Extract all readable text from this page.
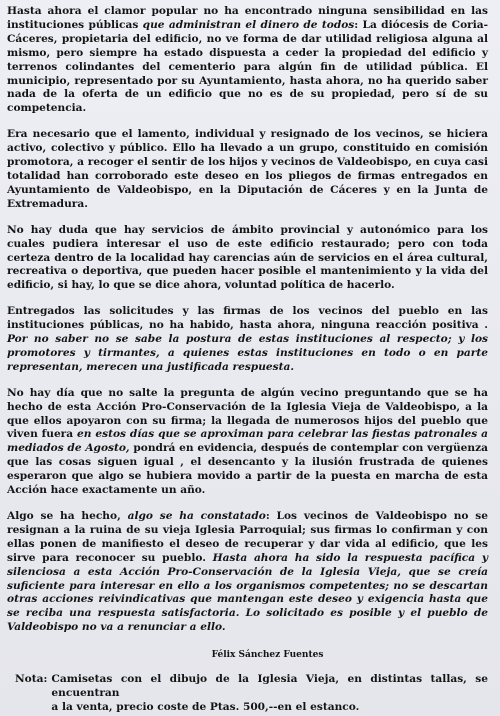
Hasta ahora el clamor popular no ha encontrado ninguna sensibilidad en las instituciones públicas que administran el dinero de todos: La diócesis de Coria-Cáceres, propietaria del edificio, no ve forma de dar utilidad religiosa alguna al mismo, pero siempre ha estado dispuesta a ceder la propiedad del edificio y terrenos colindantes del cementerio para algún fin de utilidad pública. El municipio, representado por su Ayuntamiento, hasta ahora, no ha querido saber nada de la oferta de un edificio que no es de su propiedad, pero sí de su competencia.

Era necesario que el lamento, individual y resignado de los vecinos, se hiciera activo, colectivo y público. Ello ha llevado a un grupo, constituido en comisión promotora, a recoger el sentir de los hijos y vecinos de Valdeobispo, en cuya casi totalidad han corroborado este deseo en los pliegos de firmas entregados en Ayuntamiento de Valdeobispo, en la Diputación de Cáceres y en la Junta de Extremadura.

No hay duda que hay servicios de ámbito provincial y autonómico para los cuales pudiera interesar el uso de este edificio restaurado; pero con toda certeza dentro de la localidad hay carencias aún de servicios en el área cultural, recreativa o deportiva, que pueden hacer posible el mantenimiento y la vida del edificio, si hay, lo que se dice ahora, voluntad política de hacerlo.

Entregados las solicitudes y las firmas de los vecinos del pueblo en las instituciones públicas, no ha habido, hasta ahora, ninguna reacción positiva . Por no saber no se sabe la postura de estas instituciones al respecto; y los promotores y tirmantes, a quienes estas instituciones en todo o en parte representan, merecen una justificada respuesta.

No hay día que no salte la pregunta de algún vecino preguntando que se ha hecho de esta Acción Pro-Conservación de la Iglesia Vieja de Valdeobispo, a la que ellos apoyaron con su firma; la llegada de numerosos hijos del pueblo que viven fuera en estos días que se aproximan para celebrar las fiestas patronales a mediados de Agosto, pondrá en evidencia, después de contemplar con vergüenza que las cosas siguen igual , el desencanto y la ilusión frustrada de quienes esperaron que algo se hubiera movido a partir de la puesta en marcha de esta Acción hace exactamente un año.

Algo se ha hecho, algo se ha constatado: Los vecinos de Valdeobispo no se resignan a la ruina de su vieja Iglesia Parroquial; sus firmas lo confirman y con ellas ponen de manifiesto el deseo de recuperar y dar vida al edificio, que les sirve para reconocer su pueblo. Hasta ahora ha sido la respuesta pacífica y silenciosa a esta Acción Pro-Conservación de la Iglesia Vieja, que se creía suficiente para interesar en ello a los organismos competentes; no se descartan otras acciones reivindicativas que mantengan este deseo y exigencia hasta que se reciba una respuesta satisfactoria. Lo solicitado es posible y el pueblo de Valdeobispo no va a renunciar a ello.

Félix Sánchez Fuentes

Nota: Camisetas con el dibujo de la Iglesia Vieja, en distintas tallas, se encuentran
a la venta, precio coste de Ptas. 500,--en el estanco.
